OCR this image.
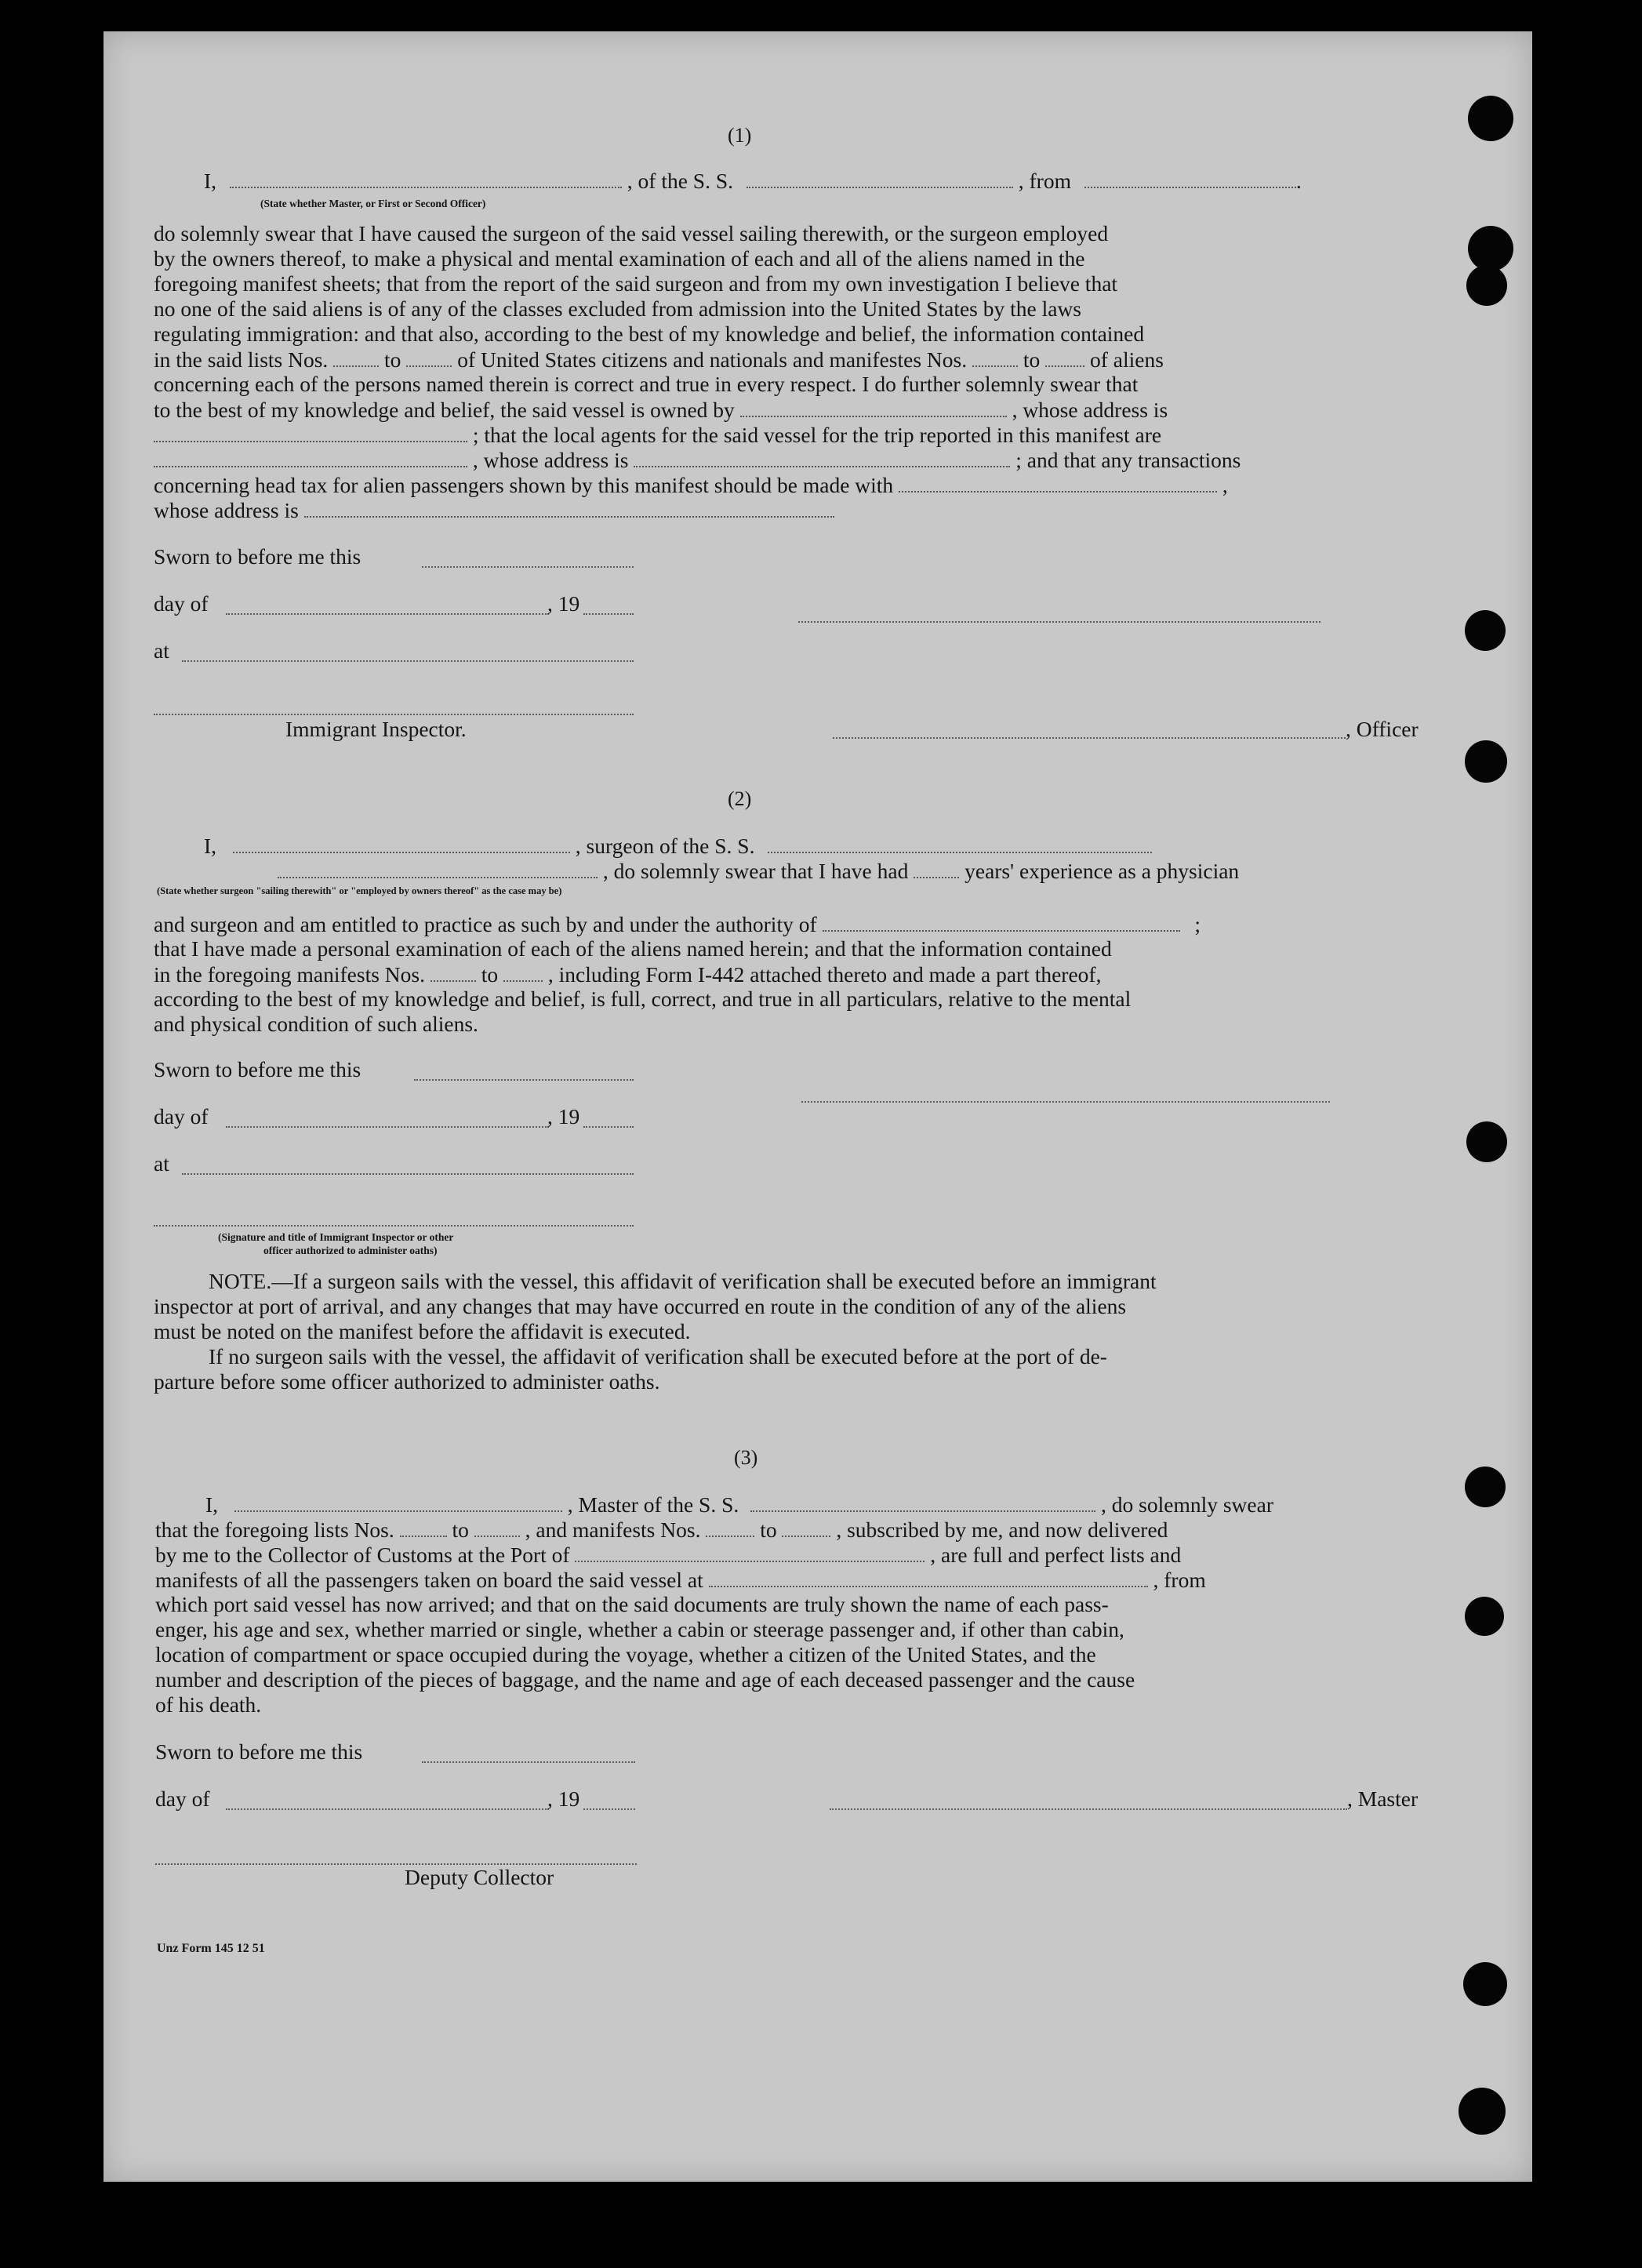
(1)
I,	, of the S. S.	, from	.
(State whether Master, or First or Second Officer)
do solemnly swear that I have caused the surgeon of the said vessel sailing therewith, or the surgeon employed
by the owners thereof, to make a physical and mental examination of each and all of the aliens named in the
foregoing manifest sheets; that from the report of the said surgeon and from my own investigation I believe that
no one of the said aliens is of any of the classes excluded from admission into the United States by the laws
regulating immigration: and that also, according to the best of my knowledge and belief, the information contained
in the said lists Nos.	to	of United States citizens and nationals and manifestes Nos.	to of aliens
concerning each of the persons named therein is correct and true in every respect. I do further solemnly swear that
to the best of my knowledge and belief, the said vessel is owned by	, whose address is
; that the local agents for the said vessel for the trip reported in this manifest are
, whose address is	; and that any transactions
concerning head tax for alien passengers shown by this manifest should be made with	,
whose address is
Sworn to before me this
day of	, 19
at
Immigrant Inspector.	, Officer
(2)
I,	, surgeon of the S. S.
, do solemnly swear that I have had	years' experience as a physician
(State whether surgeon "sailing therewith" or "employed by owners thereof" as the case may be)
and surgeon and am entitled to practice as such by and under the authority of	;
that I have made a personal examination of each of the aliens named herein; and that the information contained
in the foregoing manifests Nos.	to , including Form I-442 attached thereto and made a part thereof,
according to the best of my knowledge and belief, is full, correct, and true in all particulars, relative to the mental
and physical condition of such aliens.
Sworn to before me this
day of	, 19
at
(Signature and title of Immigrant Inspector or other
officer authorized to administer oaths)
NOTE.—If a surgeon sails with the vessel, this affidavit of verification shall be executed before an immigrant
inspector at port of arrival, and any changes that may have occurred en route in the condition of any of the aliens
must be noted on the manifest before the affidavit is executed.
If no surgeon sails with the vessel, the affidavit of verification shall be executed before at the port of de-
parture before some officer authorized to administer oaths.
(3)
I,	, Master of the S. S.	, do solemnly swear
that the foregoing lists Nos.	to	, and manifests Nos.	to	, subscribed by me, and now delivered
by me to the Collector of Customs at the Port of	, are full and perfect lists and
manifests of all the passengers taken on board the said vessel at	, from
which port said vessel has now arrived; and that on the said documents are truly shown the name of each pass-
enger, his age and sex, whether married or single, whether a cabin or steerage passenger and, if other than cabin,
location of compartment or space occupied during the voyage, whether a citizen of the United States, and the
number and description of the pieces of baggage, and the name and age of each deceased passenger and the cause
of his death.
Sworn to before me this
day of	, 19	, Master
Deputy Collector
Unz Form 145 12 51
